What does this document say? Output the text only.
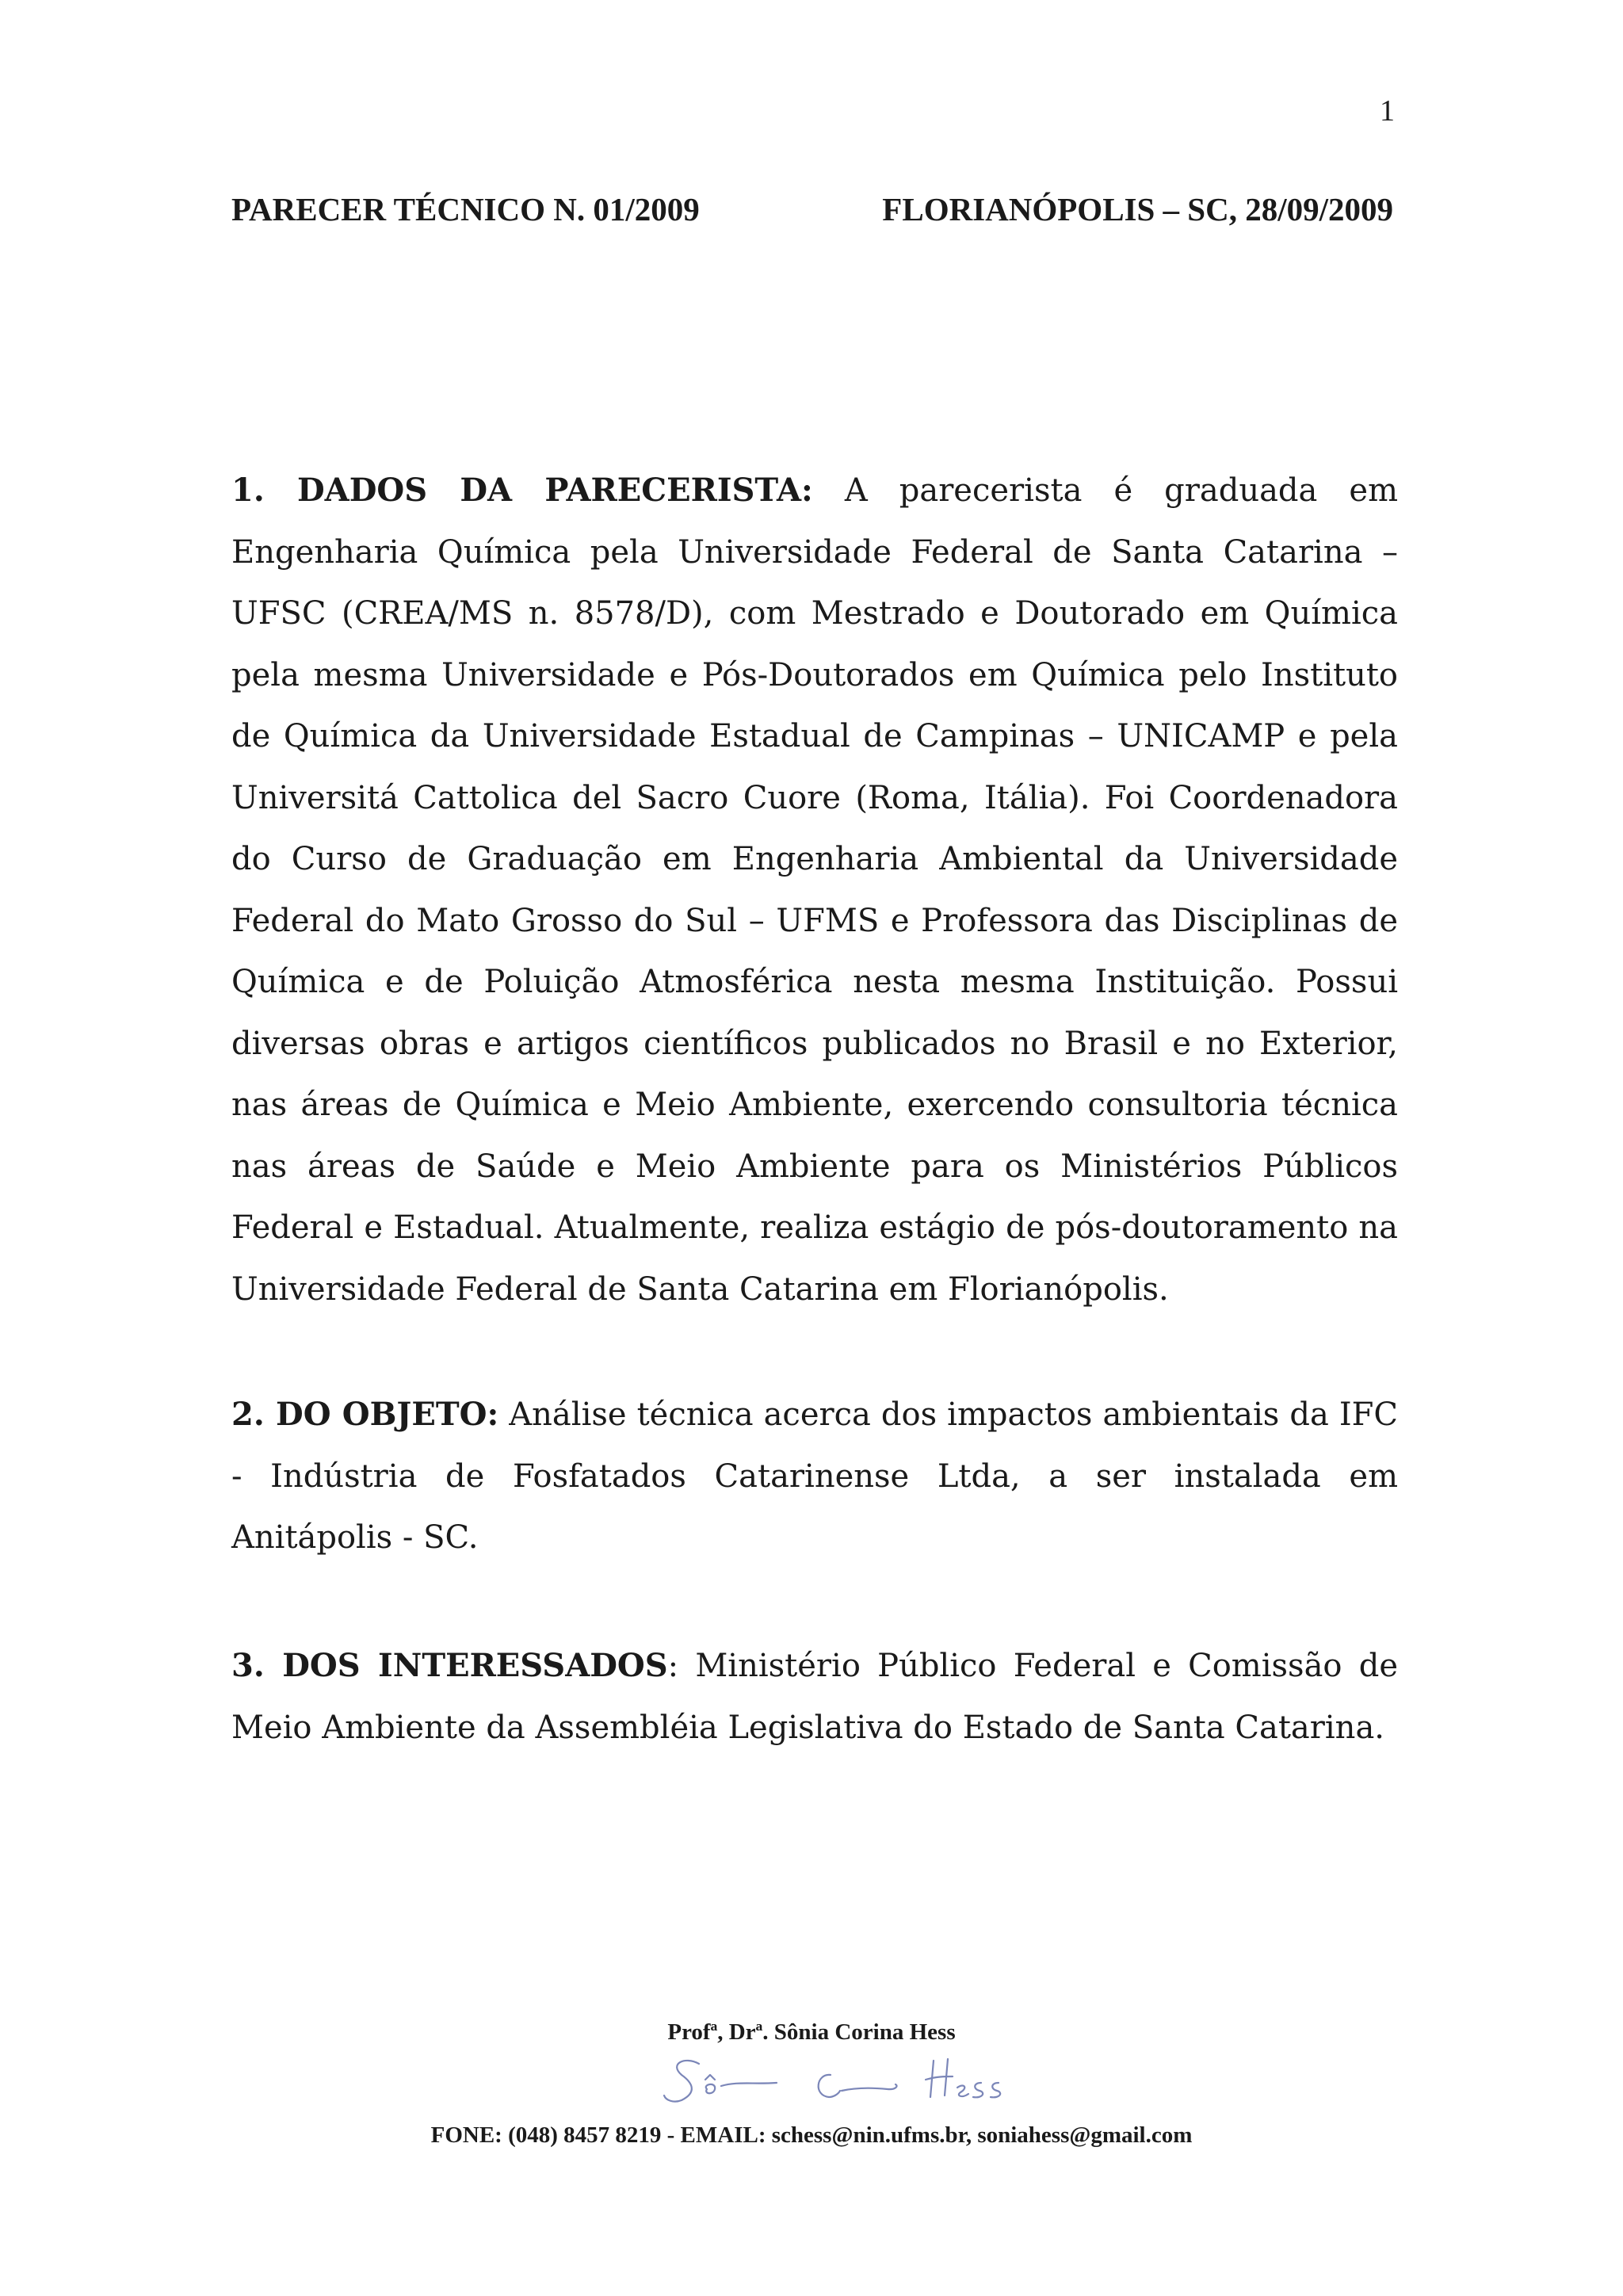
1
PARECER TÉCNICO N. 01/2009	FLORIANÓPOLIS – SC, 28/09/2009
1. DADOS DA PARECERISTA: A parecerista é graduada em Engenharia Química pela Universidade Federal de Santa Catarina – UFSC (CREA/MS n. 8578/D), com Mestrado e Doutorado em Química pela mesma Universidade e Pós-Doutorados em Química pelo Instituto de Química da Universidade Estadual de Campinas – UNICAMP e pela Universitá Cattolica del Sacro Cuore (Roma, Itália). Foi Coordenadora do Curso de Graduação em Engenharia Ambiental da Universidade Federal do Mato Grosso do Sul – UFMS e Professora das Disciplinas de Química e de Poluição Atmosférica nesta mesma Instituição. Possui diversas obras e artigos científicos publicados no Brasil e no Exterior, nas áreas de Química e Meio Ambiente, exercendo consultoria técnica nas áreas de Saúde e Meio Ambiente para os Ministérios Públicos Federal e Estadual. Atualmente, realiza estágio de pós-doutoramento na Universidade Federal de Santa Catarina em Florianópolis.
2. DO OBJETO: Análise técnica acerca dos impactos ambientais da IFC - Indústria de Fosfatados Catarinense Ltda, a ser instalada em Anitápolis - SC.
3. DOS INTERESSADOS: Ministério Público Federal e Comissão de Meio Ambiente da Assembléia Legislativa do Estado de Santa Catarina.
Profª, Drª. Sônia Corina Hess
FONE: (048) 8457 8219 - EMAIL: schess@nin.ufms.br, soniahess@gmail.com
